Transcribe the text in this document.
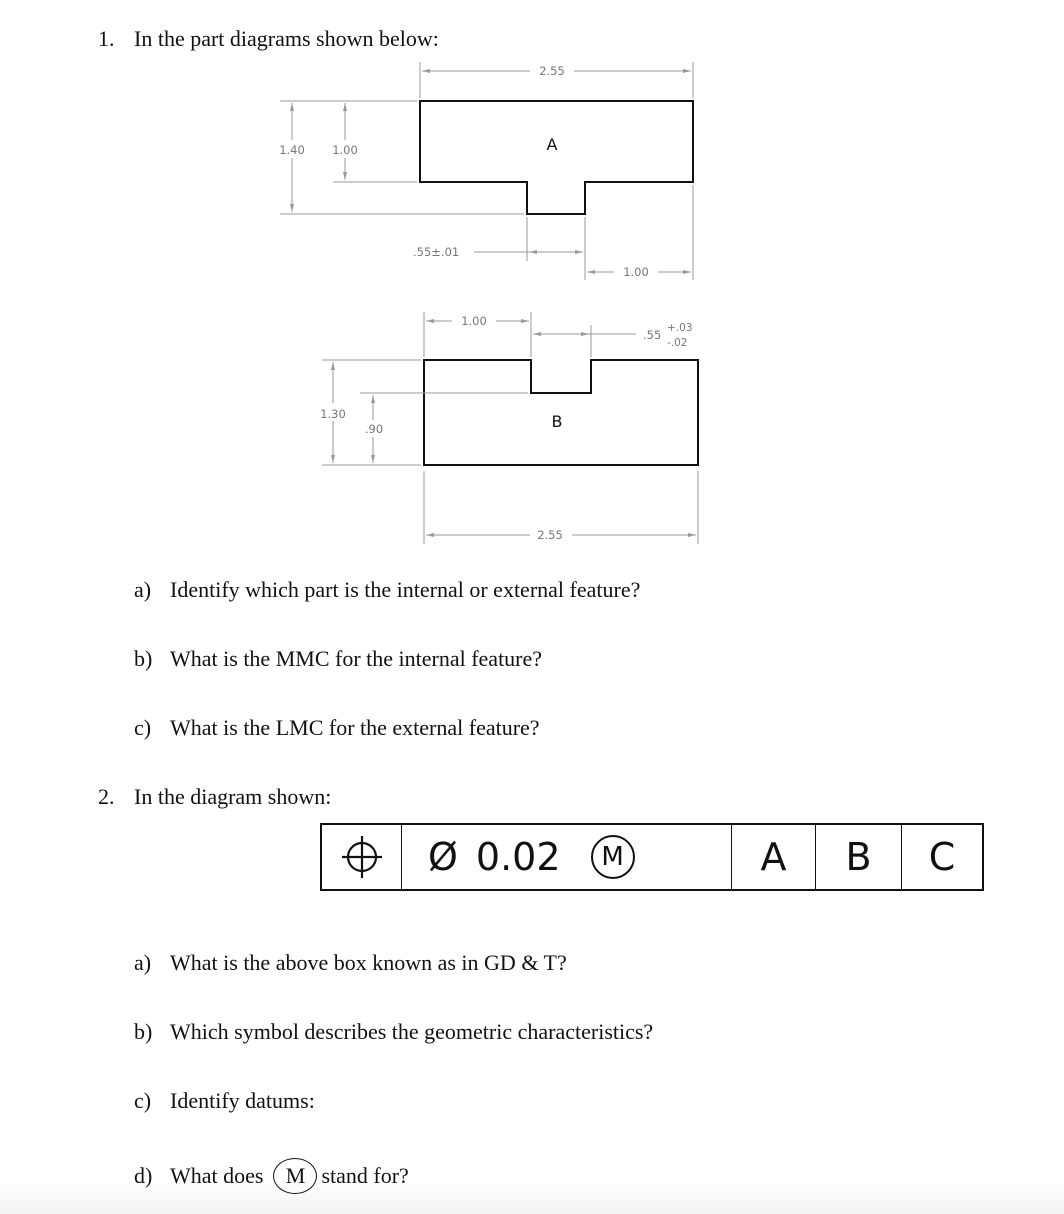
1. In the part diagrams shown below:
A
2.55
1.40 1.00
.55±.01
1.00
B
1.00
.55 +.03
-.02
1.30
.90
2.55
a) Identify which part is the internal or external feature?
b) What is the MMC for the internal feature?
c) What is the LMC for the external feature?
2. In the diagram shown:
Ø 0.02	M	A	B	C
a) What is the above box known as in GD & T?
b) Which symbol describes the geometric characteristics?
c) Identify datums:
d) What does M stand for?
